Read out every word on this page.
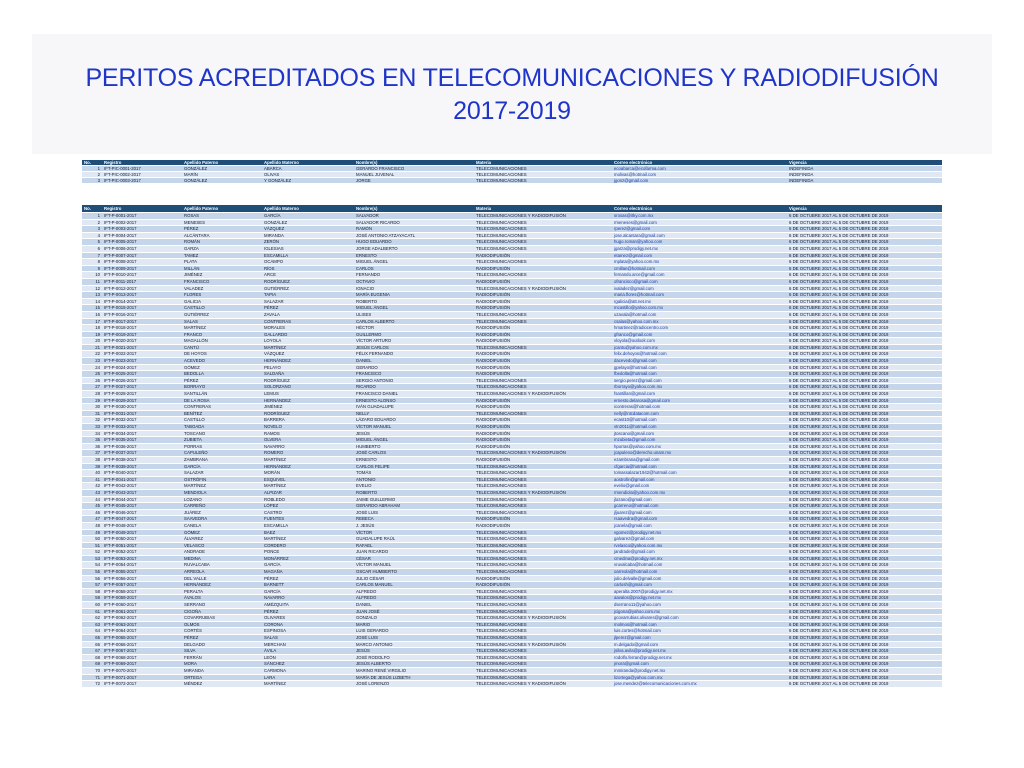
PERITOS ACREDITADOS EN TELECOMUNICACIONES Y RADIODIFUSIÓN
2017-2019
No.	Registro	Apellido Paterno	Apellido Materno	Nombre(s)	Materia	Correo electrónico	Vigencia
1	IFT-PIC-0001-2017	GONZÁLEZ	ABARCA	GERARDO FRANCISCO	TELECOMUNICACIONES	ecoabarca@ecofarma.com	INDEFINIDA
2	IFT-PIC-0002-2017	MARÍN	OLIVAS	MANUEL JUVENAL	TELECOMUNICACIONES	molivas@hotmail.com	INDEFINIDA
3	IFT-PIC-0003-2017	GONZÁLEZ	Y GONZÁLEZ	JORGE	TELECOMUNICACIONES	jgonz@gmail.com	INDEFINIDA
No.	Registro	Apellido Paterno	Apellido Materno	Nombre(s)	Materia	Correo electrónico	Vigencia
1	IFT-P-0001-2017	ROSAS	GARCÍA	SALVADOR	TELECOMUNICACIONES Y RADIODIFUSIÓN	srosas@itky.com.mx	6 DE OCTUBRE 2017 AL 5 DE OCTUBRE DE 2019
2	IFT-P-0002-2017	MENESES	GONZÁLEZ	SALVADOR RICARDO	TELECOMUNICACIONES	rmeneses@gmail.com	6 DE OCTUBRE 2017 AL 5 DE OCTUBRE DE 2019
3	IFT-P-0003-2017	PÉREZ	VÁZQUEZ	RAMÓN	TELECOMUNICACIONES	rperez@gmail.com	6 DE OCTUBRE 2017 AL 5 DE OCTUBRE DE 2019
4	IFT-P-0004-2017	ALCÁNTARA	MIRANDA	JOSÉ ANTONIO ATZAYACATL	TELECOMUNICACIONES	jose.alcantara@gmail.com	6 DE OCTUBRE 2017 AL 5 DE OCTUBRE DE 2019
5	IFT-P-0005-2017	ROMÁN	ZERÓN	HUGO EDUARDO	TELECOMUNICACIONES	hugo.roman@yahoo.com	6 DE OCTUBRE 2017 AL 5 DE OCTUBRE DE 2019
6	IFT-P-0006-2017	GARZA	IGLESIAS	JORGE ADALBERTO	TELECOMUNICACIONES	jgarza@prodigy.net.mx	6 DE OCTUBRE 2017 AL 5 DE OCTUBRE DE 2019
7	IFT-P-0007-2017	TAMEZ	ESCAMILLA	ERNESTO	RADIODIFUSIÓN	etamez@gmail.com	6 DE OCTUBRE 2017 AL 5 DE OCTUBRE DE 2019
8	IFT-P-0008-2017	PLATA	OCAMPO	MIGUEL ÁNGEL	TELECOMUNICACIONES	mplata@yahoo.com.mx	6 DE OCTUBRE 2017 AL 5 DE OCTUBRE DE 2019
9	IFT-P-0009-2017	MILLÁN	RÍOS	CARLOS	RADIODIFUSIÓN	cmillan@hotmail.com	6 DE OCTUBRE 2017 AL 5 DE OCTUBRE DE 2019
10	IFT-P-0010-2017	JIMÉNEZ	ARCE	FERNANDO	TELECOMUNICACIONES	fernando.arce@gmail.com	6 DE OCTUBRE 2017 AL 5 DE OCTUBRE DE 2019
11	IFT-P-0011-2017	FRANCISCO	RODRÍGUEZ	OCTAVIO	RADIODIFUSIÓN	ofrancisco@gmail.com	6 DE OCTUBRE 2017 AL 5 DE OCTUBRE DE 2019
12	IFT-P-0012-2017	VALADEZ	GUTIÉRREZ	IGNACIO	TELECOMUNICACIONES Y RADIODIFUSIÓN	ivaladez@gmail.com	6 DE OCTUBRE 2017 AL 5 DE OCTUBRE DE 2019
13	IFT-P-0013-2017	FLORES	TAPIA	MARÍA EUGENIA	RADIODIFUSIÓN	maria.flores@hotmail.com	6 DE OCTUBRE 2017 AL 5 DE OCTUBRE DE 2019
14	IFT-P-0014-2017	GALICIA	SALAZAR	ROBERTO	RADIODIFUSIÓN	rgalicia@att.net.mx	6 DE OCTUBRE 2017 AL 5 DE OCTUBRE DE 2019
15	IFT-P-0015-2017	CASTILLO	PÉREZ	MIGUEL ÁNGEL	RADIODIFUSIÓN	mcastillo@yahoo.com.mx	6 DE OCTUBRE 2017 AL 5 DE OCTUBRE DE 2019
16	IFT-P-0016-2017	GUTIÉRREZ	ZAVALA	ULISES	TELECOMUNICACIONES	uzavala@hotmail.com	6 DE OCTUBRE 2017 AL 5 DE OCTUBRE DE 2019
17	IFT-P-0017-2017	SALAS	CONTRERAS	CARLOS ALBERTO	TELECOMUNICACIONES	csalas@yahoo.com.mx	6 DE OCTUBRE 2017 AL 5 DE OCTUBRE DE 2019
18	IFT-P-0018-2017	MARTÍNEZ	MORALES	HÉCTOR	RADIODIFUSIÓN	hmartinez@radiocentro.com	6 DE OCTUBRE 2017 AL 5 DE OCTUBRE DE 2019
19	IFT-P-0019-2017	FRANCO	GALLARDO	GUILLERMO	RADIODIFUSIÓN	gfranco@gmail.com	6 DE OCTUBRE 2017 AL 5 DE OCTUBRE DE 2019
20	IFT-P-0020-2017	MAGALLÓN	LOYOLA	VÍCTOR ARTURO	RADIODIFUSIÓN	vloyola@outlook.com	6 DE OCTUBRE 2017 AL 5 DE OCTUBRE DE 2019
21	IFT-P-0021-2017	CANTÚ	MARTÍNEZ	JESÚS CARLOS	TELECOMUNICACIONES	jcantu@yahoo.com.mx	6 DE OCTUBRE 2017 AL 5 DE OCTUBRE DE 2019
22	IFT-P-0022-2017	DE HOYOS	VÁZQUEZ	FÉLIX FERNANDO	RADIODIFUSIÓN	felix.dehoyos@hotmail.com	6 DE OCTUBRE 2017 AL 5 DE OCTUBRE DE 2019
23	IFT-P-0023-2017	ACEVEDO	HERNÁNDEZ	DANIEL	RADIODIFUSIÓN	dacevedo@gmail.com	6 DE OCTUBRE 2017 AL 5 DE OCTUBRE DE 2019
24	IFT-P-0024-2017	GÓMEZ	PELAYO	GERARDO	RADIODIFUSIÓN	gpelayo@hotmail.com	6 DE OCTUBRE 2017 AL 5 DE OCTUBRE DE 2019
25	IFT-P-0025-2017	BEDOLLA	SALDAÑA	FRANCISCO	RADIODIFUSIÓN	fbedolla@hotmail.com	6 DE OCTUBRE 2017 AL 5 DE OCTUBRE DE 2019
26	IFT-P-0026-2017	PÉREZ	RODRÍGUEZ	SERGIO ANTONIO	TELECOMUNICACIONES	sergio.perez@gmail.com	6 DE OCTUBRE 2017 AL 5 DE OCTUBRE DE 2019
27	IFT-P-0027-2017	BORRAYO	SOLORZANO	RICARDO	TELECOMUNICACIONES	rborrayo@yahoo.com.mx	6 DE OCTUBRE 2017 AL 5 DE OCTUBRE DE 2019
28	IFT-P-0028-2017	SANTILLÁN	LEMUS	FRANCISCO DANIEL	TELECOMUNICACIONES Y RADIODIFUSIÓN	fsantillan@gmail.com	6 DE OCTUBRE 2017 AL 5 DE OCTUBRE DE 2019
29	IFT-P-0029-2017	DE LA ROSA	HERNÁNDEZ	ERNESTO ALONSO	RADIODIFUSIÓN	ernesto.delarosa@gmail.com	6 DE OCTUBRE 2017 AL 5 DE OCTUBRE DE 2019
30	IFT-P-0030-2017	CONTRERAS	JIMÉNEZ	IVÁN GUADALUPE	RADIODIFUSIÓN	icontreras@hotmail.com	6 DE OCTUBRE 2017 AL 5 DE OCTUBRE DE 2019
31	IFT-P-0031-2017	BENÍTEZ	RODRÍGUEZ	NELLY	TELECOMUNICACIONES	nelly@ntcdatacom.com	6 DE OCTUBRE 2017 AL 5 DE OCTUBRE DE 2019
32	IFT-P-0032-2017	CASTILLO	BARRERA	LÁZARO EDUARDO	RADIODIFUSIÓN	ecast10@hotmail.com	6 DE OCTUBRE 2017 AL 5 DE OCTUBRE DE 2019
33	IFT-P-0033-2017	TABOADA	NOVELO	VÍCTOR MANUEL	RADIODIFUSIÓN	vtn2011@hotmail.com	6 DE OCTUBRE 2017 AL 5 DE OCTUBRE DE 2019
34	IFT-P-0034-2017	TOSCANO	RAMOS	JESÚS	RADIODIFUSIÓN	jtoscano@gmail.com	6 DE OCTUBRE 2017 AL 5 DE OCTUBRE DE 2019
35	IFT-P-0035-2017	ZUBIETA	OLVERA	MIGUEL ÁNGEL	RADIODIFUSIÓN	mzubieta@gmail.com	6 DE OCTUBRE 2017 AL 5 DE OCTUBRE DE 2019
36	IFT-P-0036-2017	PORRAS	NAVARRO	HUMBERTO	RADIODIFUSIÓN	hporras@yahoo.com.mx	6 DE OCTUBRE 2017 AL 5 DE OCTUBRE DE 2019
37	IFT-P-0037-2017	CAPULEÑO	ROMERO	JOSÉ CARLOS	TELECOMUNICACIONES Y RADIODIFUSIÓN	jcapuleno@derecho.unam.mx	6 DE OCTUBRE 2017 AL 5 DE OCTUBRE DE 2019
38	IFT-P-0038-2017	ZAMBRANA	MARTÍNEZ	ERNESTO	RADIODIFUSIÓN	ezambrana@gmail.com	6 DE OCTUBRE 2017 AL 5 DE OCTUBRE DE 2019
39	IFT-P-0039-2017	GARCÍA	HERNÁNDEZ	CARLOS FELIPE	TELECOMUNICACIONES	cfgarcia@hotmail.com	6 DE OCTUBRE 2017 AL 5 DE OCTUBRE DE 2019
40	IFT-P-0040-2017	SALAZAR	MORÁN	TOMÁS	TELECOMUNICACIONES	tomassalazar1942@hotmail.com	6 DE OCTUBRE 2017 AL 5 DE OCTUBRE DE 2019
41	IFT-P-0041-2017	OSTRÓFIN	ESQUIVEL	ANTONIO	TELECOMUNICACIONES	aostrofin@gmail.com	6 DE OCTUBRE 2017 AL 5 DE OCTUBRE DE 2019
42	IFT-P-0042-2017	MARTÍNEZ	MARTÍNEZ	EVELIO	TELECOMUNICACIONES	evelio@gmail.com	6 DE OCTUBRE 2017 AL 5 DE OCTUBRE DE 2019
43	IFT-P-0043-2017	MENDIOLA	ALPIZAR	ROBERTO	TELECOMUNICACIONES Y RADIODIFUSIÓN	rmendiola@yahoo.com.mx	6 DE OCTUBRE 2017 AL 5 DE OCTUBRE DE 2019
44	IFT-P-0044-2017	LOZANO	ROBLEDO	JAIME GUILLERMO	TELECOMUNICACIONES	jlozano@gmail.com	6 DE OCTUBRE 2017 AL 5 DE OCTUBRE DE 2019
45	IFT-P-0045-2017	CARREÑO	LÓPEZ	GERARDO ABRAHAM	TELECOMUNICACIONES	gcarreno@hotmail.com	6 DE OCTUBRE 2017 AL 5 DE OCTUBRE DE 2019
46	IFT-P-0046-2017	JUÁREZ	CASTRO	JOSÉ LUIS	TELECOMUNICACIONES	jljuarez@gmail.com	6 DE OCTUBRE 2017 AL 5 DE OCTUBRE DE 2019
47	IFT-P-0047-2017	SAAVEDRA	FUENTES	REBECA	RADIODIFUSIÓN	rsaavedra@gmail.com	6 DE OCTUBRE 2017 AL 5 DE OCTUBRE DE 2019
48	IFT-P-0048-2017	CANELA	ESCAMILLA	J. JESÚS	RADIODIFUSIÓN	jcanela@gmail.com	6 DE OCTUBRE 2017 AL 5 DE OCTUBRE DE 2019
49	IFT-P-0049-2017	GÓMEZ	BAEZ	VÍCTOR	TELECOMUNICACIONES	vgomez@prodigy.net.mx	6 DE OCTUBRE 2017 AL 5 DE OCTUBRE DE 2019
50	IFT-P-0050-2017	ÁLVAREZ	MARTÍNEZ	GUADALUPE RAÚL	TELECOMUNICACIONES	galvarez@gmail.com	6 DE OCTUBRE 2017 AL 5 DE OCTUBRE DE 2019
51	IFT-P-0051-2017	VELASCO	CORDERO	RAFAEL	TELECOMUNICACIONES	rvelasco@yahoo.com.mx	6 DE OCTUBRE 2017 AL 5 DE OCTUBRE DE 2019
52	IFT-P-0052-2017	ANDRADE	PONCE	JUAN RICARDO	TELECOMUNICACIONES	jandrade@gmail.com	6 DE OCTUBRE 2017 AL 5 DE OCTUBRE DE 2019
53	IFT-P-0053-2017	MEDINA	MONÁRREZ	CÉSAR	TELECOMUNICACIONES	cmedina@prodigy.net.mx	6 DE OCTUBRE 2017 AL 5 DE OCTUBRE DE 2019
54	IFT-P-0054-2017	RUVALCABA	GARCÍA	VÍCTOR MANUEL	TELECOMUNICACIONES	vruvalcaba@hotmail.com	6 DE OCTUBRE 2017 AL 5 DE OCTUBRE DE 2019
55	IFT-P-0055-2017	ARREOLA	MAGAÑA	OSCAR HUMBERTO	TELECOMUNICACIONES	oarreola@hotmail.com	6 DE OCTUBRE 2017 AL 5 DE OCTUBRE DE 2019
56	IFT-P-0056-2017	DEL VALLE	PÉREZ	JULIO CÉSAR	RADIODIFUSIÓN	julio.delvalle@gmail.com	6 DE OCTUBRE 2017 AL 5 DE OCTUBRE DE 2019
57	IFT-P-0057-2017	HERNÁNDEZ	BARNETT	CARLOS MANUEL	RADIODIFUSIÓN	carlosh@gmail.com	6 DE OCTUBRE 2017 AL 5 DE OCTUBRE DE 2019
58	IFT-P-0058-2017	PERALTA	GARCÍA	ALFREDO	TELECOMUNICACIONES	aperalta.2007@prodigy.net.mx	6 DE OCTUBRE 2017 AL 5 DE OCTUBRE DE 2019
59	IFT-P-0059-2017	ÁVALOS	NAVARRO	ALFREDO	TELECOMUNICACIONES	aavalos@prodigy.net.mx	6 DE OCTUBRE 2017 AL 5 DE OCTUBRE DE 2019
60	IFT-P-0060-2017	SERRANO	AMÉZQUITA	DANIEL	TELECOMUNICACIONES	dserrano11@yahoo.com	6 DE OCTUBRE 2017 AL 5 DE OCTUBRE DE 2019
61	IFT-P-0061-2017	CIGOÑA	PÉREZ	JUAN JOSÉ	TELECOMUNICACIONES	jcigona@yahoo.com.mx	6 DE OCTUBRE 2017 AL 5 DE OCTUBRE DE 2019
62	IFT-P-0062-2017	COVARRUBIAS	OLIVARES	GONZALO	TELECOMUNICACIONES Y RADIODIFUSIÓN	gcovarrubias.olivares@gmail.com	6 DE OCTUBRE 2017 AL 5 DE OCTUBRE DE 2019
63	IFT-P-0063-2017	OLMOS	CORONA	MARIO	TELECOMUNICACIONES	molmos@hotmail.com	6 DE OCTUBRE 2017 AL 5 DE OCTUBRE DE 2019
64	IFT-P-0064-2017	CORTÉS	ESPINOSA	LUIS GERARDO	TELECOMUNICACIONES	luis.cortes@hotmail.com	6 DE OCTUBRE 2017 AL 5 DE OCTUBRE DE 2019
65	IFT-P-0065-2017	PÉREZ	SALAS	JOSÉ LUIS	TELECOMUNICACIONES	jlperez@gmail.com	6 DE OCTUBRE 2017 AL 5 DE OCTUBRE DE 2019
66	IFT-P-0066-2017	DELGADO	MERCHAN	MARCO ANTONIO	TELECOMUNICACIONES Y RADIODIFUSIÓN	m.delgado@gmail.com	6 DE OCTUBRE 2017 AL 5 DE OCTUBRE DE 2019
67	IFT-P-0067-2017	SILVA	ÁVILA	JESÚS	TELECOMUNICACIONES	jsilva.avila@prodigy.net.mx	6 DE OCTUBRE 2017 AL 5 DE OCTUBRE DE 2019
68	IFT-P-0068-2017	FERRÁN	LEÓN	JOSÉ RODOLFO	TELECOMUNICACIONES	rodolfo.ferran@prodigy.net.mx	6 DE OCTUBRE 2017 AL 5 DE OCTUBRE DE 2019
69	IFT-P-0069-2017	MORA	SÁNCHEZ	JESÚS ALBERTO	TELECOMUNICACIONES	jmora@gmail.com	6 DE OCTUBRE 2017 AL 5 DE OCTUBRE DE 2019
70	IFT-P-0070-2017	MIRANDA	CARMONA	MARINO RENÉ VIRGILIO	TELECOMUNICACIONES	mmiranda@prodigy.net.mx	6 DE OCTUBRE 2017 AL 5 DE OCTUBRE DE 2019
71	IFT-P-0071-2017	ORTEGA	LARA	MARÍA DE JESÚS LIZBETH	TELECOMUNICACIONES	lizortega@yahoo.com.mx	6 DE OCTUBRE 2017 AL 5 DE OCTUBRE DE 2019
72	IFT-P-0072-2017	MÉNDEZ	MARTÍNEZ	JOSÉ LORENZO	TELECOMUNICACIONES Y RADIODIFUSIÓN	jose.mendez@telecomunicaciones.com.mx	6 DE OCTUBRE 2017 AL 5 DE OCTUBRE DE 2019
